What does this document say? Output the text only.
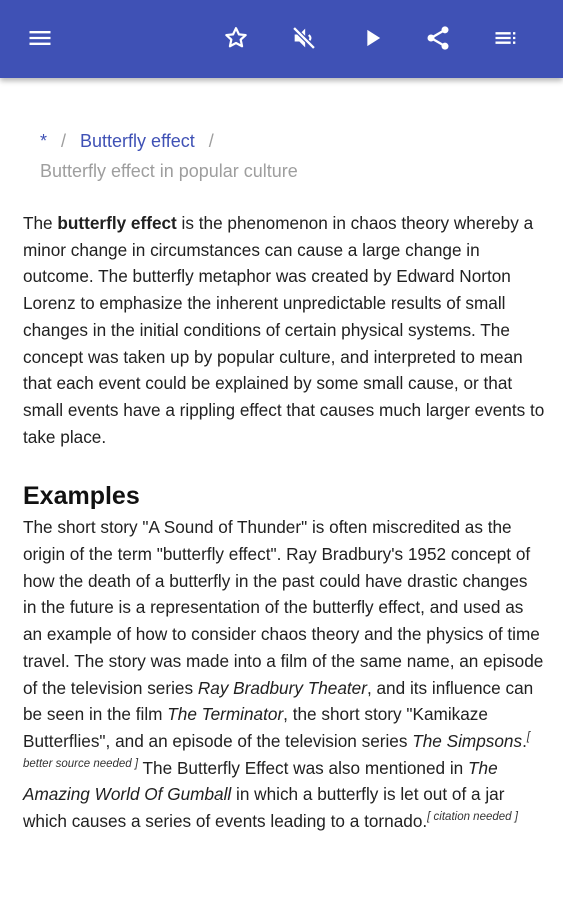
* / Butterfly effect /
Butterfly effect in popular culture

The butterfly effect is the phenomenon in chaos theory whereby a minor change in circumstances can cause a large change in outcome. The butterfly metaphor was created by Edward Norton Lorenz to emphasize the inherent unpredictable results of small changes in the initial conditions of certain physical systems. The concept was taken up by popular culture, and interpreted to mean that each event could be explained by some small cause, or that small events have a rippling effect that causes much larger events to take place.

Examples

The short story "A Sound of Thunder" is often miscredited as the origin of the term "butterfly effect". Ray Bradbury's 1952 concept of how the death of a butterfly in the past could have drastic changes in the future is a representation of the butterfly effect, and used as an example of how to consider chaos theory and the physics of time travel. The story was made into a film of the same name, an episode of the television series Ray Bradbury Theater, and its influence can be seen in the film The Terminator, the short story "Kamikaze Butterflies", and an episode of the television series The Simpsons.[ better source needed ] The Butterfly Effect was also mentioned in The Amazing World Of Gumball in which a butterfly is let out of a jar which causes a series of events leading to a tornado.[ citation needed ]
